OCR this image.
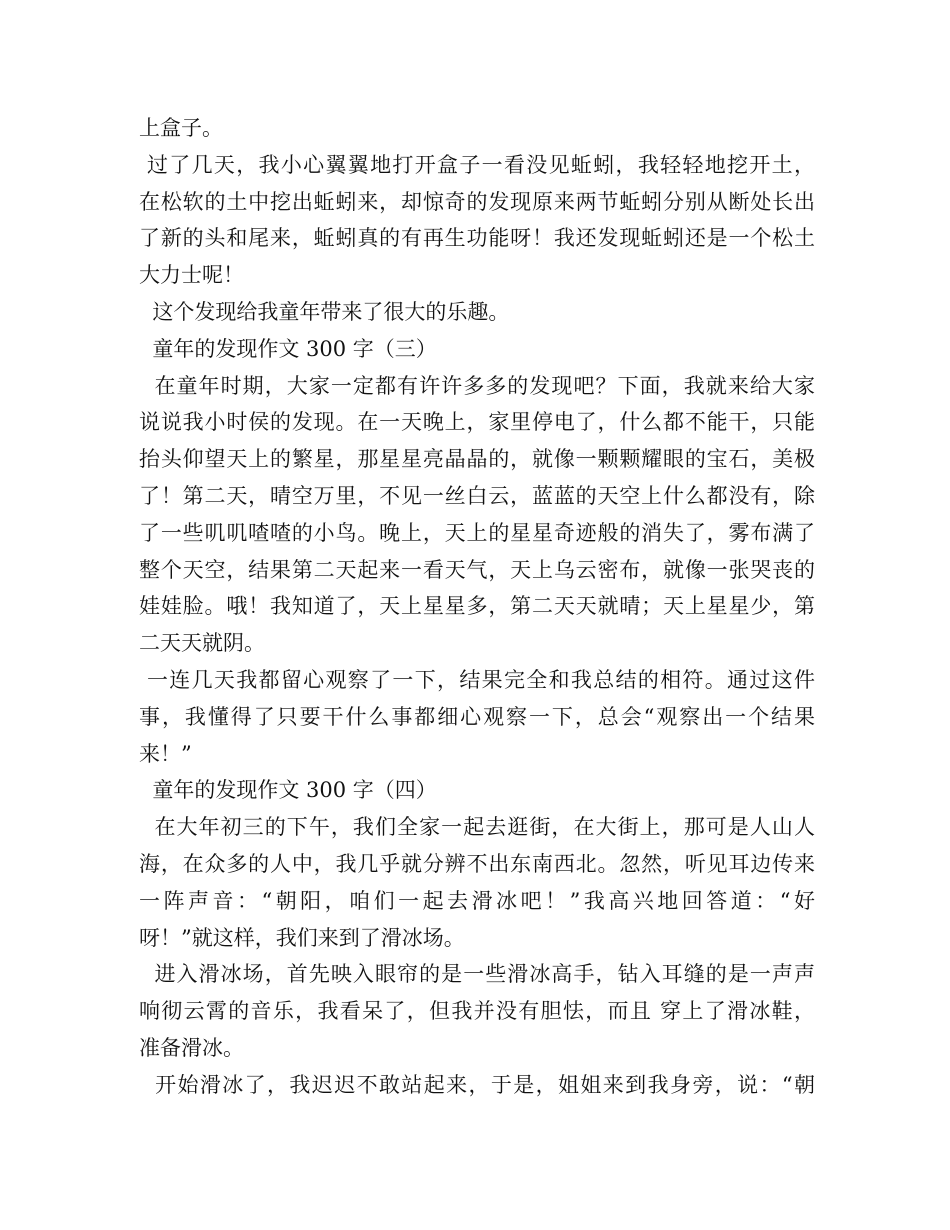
上盒子。
过了几天，我小心翼翼地打开盒子一看没见蚯蚓，我轻轻地挖开土，
在松软的土中挖出蚯蚓来，却惊奇的发现原来两节蚯蚓分别从断处长出
了新的头和尾来，蚯蚓真的有再生功能呀！我还发现蚯蚓还是一个松土
大力士呢！
这个发现给我童年带来了很大的乐趣。
童年的发现作文 300 字（三）
在童年时期，大家一定都有许许多多的发现吧？下面，我就来给大家
说说我小时侯的发现。在一天晚上，家里停电了，什么都不能干，只能
抬头仰望天上的繁星，那星星亮晶晶的，就像一颗颗耀眼的宝石，美极
了！第二天，晴空万里，不见一丝白云，蓝蓝的天空上什么都没有，除
了一些叽叽喳喳的小鸟。晚上，天上的星星奇迹般的消失了，雾布满了
整个天空，结果第二天起来一看天气，天上乌云密布，就像一张哭丧的
娃娃脸。哦！我知道了，天上星星多，第二天天就晴；天上星星少，第
二天天就阴。
一连几天我都留心观察了一下，结果完全和我总结的相符。通过这件
事，我懂得了只要干什么事都细心观察一下，总会“观察出一个结果
来！”
童年的发现作文 300 字（四）
在大年初三的下午，我们全家一起去逛街，在大街上，那可是人山人
海，在众多的人中，我几乎就分辨不出东南西北。忽然，听见耳边传来
一阵声音：“朝阳，咱们一起去滑冰吧！”我高兴地回答道：“好
呀！”就这样，我们来到了滑冰场。
进入滑冰场，首先映入眼帘的是一些滑冰高手，钻入耳缝的是一声声
响彻云霄的音乐，我看呆了，但我并没有胆怯，而且 穿上了滑冰鞋，
准备滑冰。
开始滑冰了，我迟迟不敢站起来，于是，姐姐来到我身旁，说：“朝
